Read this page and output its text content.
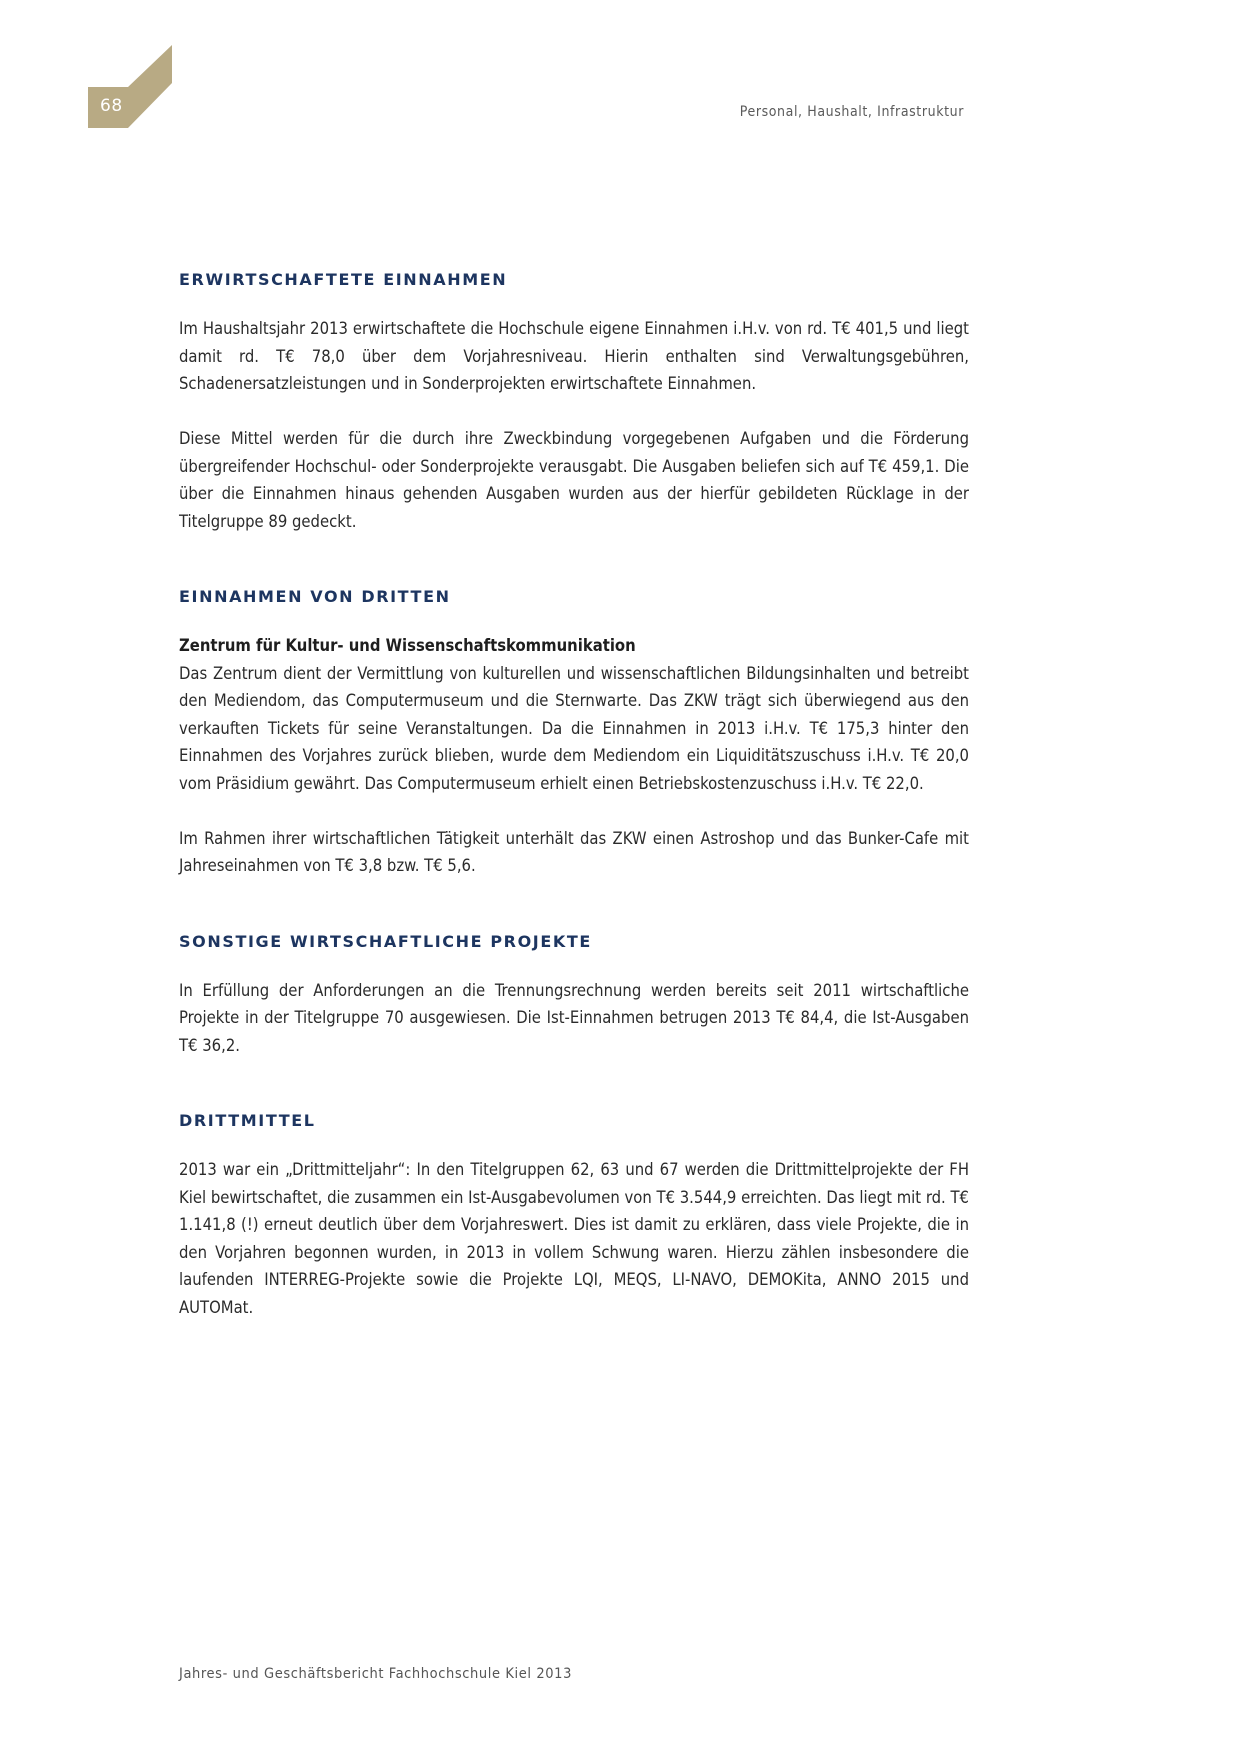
68	Personal, Haushalt, Infrastruktur
ERWIRTSCHAFTETE EINNAHMEN

Im Haushaltsjahr 2013 erwirtschaftete die Hochschule eigene Einnahmen i.H.v. von rd. T€ 401,5 und liegt damit rd. T€ 78,0 über dem Vorjahresniveau. Hierin enthalten sind Verwaltungsgebühren, Schadenersatzleistungen und in Sonderprojekten erwirtschaftete Einnahmen.

Diese Mittel werden für die durch ihre Zweckbindung vorgegebenen Aufgaben und die Förderung übergreifender Hochschul- oder Sonderprojekte verausgabt. Die Ausgaben beliefen sich auf T€ 459,1. Die über die Einnahmen hinaus gehenden Ausgaben wurden aus der hierfür gebildeten Rücklage in der Titelgruppe 89 gedeckt.

EINNAHMEN VON DRITTEN

Zentrum für Kultur- und Wissenschaftskommunikation

Das Zentrum dient der Vermittlung von kulturellen und wissenschaftlichen Bildungsinhalten und betreibt den Mediendom, das Computermuseum und die Sternwarte. Das ZKW trägt sich überwiegend aus den verkauften Tickets für seine Veranstaltungen. Da die Einnahmen in 2013 i.H.v. T€ 175,3 hinter den Einnahmen des Vorjahres zurück blieben, wurde dem Mediendom ein Liquiditätszuschuss i.H.v. T€ 20,0 vom Präsidium gewährt. Das Computermuseum erhielt einen Betriebskostenzuschuss i.H.v. T€ 22,0.

Im Rahmen ihrer wirtschaftlichen Tätigkeit unterhält das ZKW einen Astroshop und das Bunker-Cafe mit Jahreseinahmen von T€ 3,8 bzw. T€ 5,6.

SONSTIGE WIRTSCHAFTLICHE PROJEKTE

In Erfüllung der Anforderungen an die Trennungsrechnung werden bereits seit 2011 wirtschaftliche Projekte in der Titelgruppe 70 ausgewiesen. Die Ist-Einnahmen betrugen 2013 T€ 84,4, die Ist-Ausgaben T€ 36,2.

DRITTMITTEL

2013 war ein „Drittmitteljahr“: In den Titelgruppen 62, 63 und 67 werden die Drittmittelprojekte der FH Kiel bewirtschaftet, die zusammen ein Ist-Ausgabevolumen von T€ 3.544,9 erreichten. Das liegt mit rd. T€ 1.141,8 (!) erneut deutlich über dem Vorjahreswert. Dies ist damit zu erklären, dass viele Projekte, die in den Vorjahren begonnen wurden, in 2013 in vollem Schwung waren. Hierzu zählen insbesondere die laufenden INTERREG-Projekte sowie die Projekte LQI, MEQS, LI-NAVO, DEMOKita, ANNO 2015 und AUTOMat.

Jahres- und Geschäftsbericht Fachhochschule Kiel 2013
